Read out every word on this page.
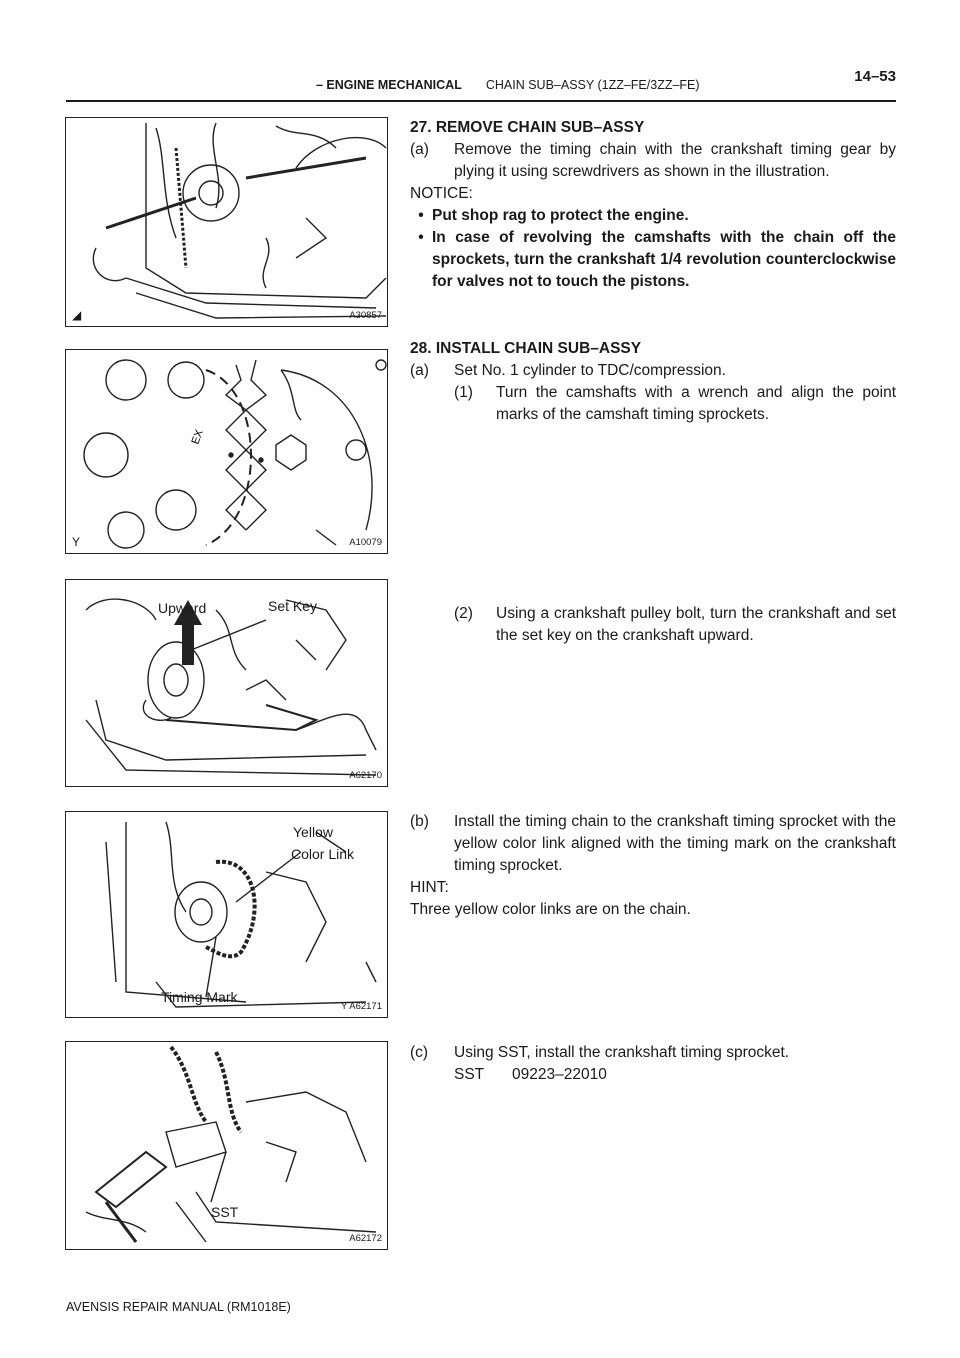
– ENGINE MECHANICAL CHAIN SUB–ASSY (1ZZ–FE/3ZZ–FE)	14–53
◢	A30857
EX
Y	A10079
Upward	Set Key
A62170
Yellow
Color Link
Timing Mark
Y A62171
SST
A62172
27. REMOVE CHAIN SUB–ASSY
(a)	Remove the timing chain with the crankshaft timing gear by plying it using screwdrivers as shown in the illustration.
NOTICE:
• Put shop rag to protect the engine.
• In case of revolving the camshafts with the chain off the sprockets, turn the crankshaft 1/4 revolution counterclockwise for valves not to touch the pistons.
28. INSTALL CHAIN SUB–ASSY
(a)	Set No. 1 cylinder to TDC/compression.
(1)	Turn the camshafts with a wrench and align the point marks of the camshaft timing sprockets.
(2)	Using a crankshaft pulley bolt, turn the crankshaft and set the set key on the crankshaft upward.
(b)	Install the timing chain to the crankshaft timing sprocket with the yellow color link aligned with the timing mark on the crankshaft timing sprocket.
HINT:
Three yellow color links are on the chain.
(c)	Using SST, install the crankshaft timing sprocket.
SST 09223–22010
AVENSIS REPAIR MANUAL (RM1018E)
